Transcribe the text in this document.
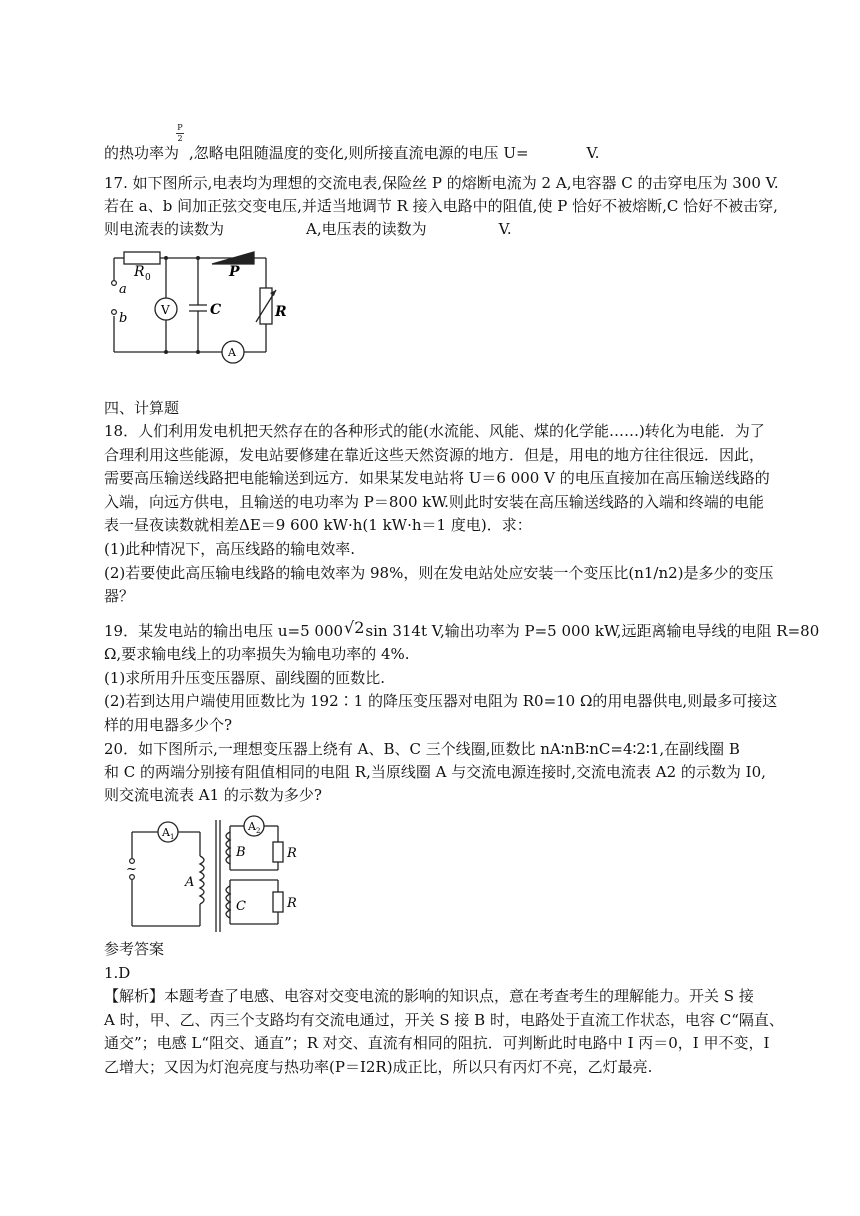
P
2
的热功率为 ,忽略电阻随温度的变化,则所接直流电源的电压 U=	V.
17. 如下图所示,电表均为理想的交流电表,保险丝 P 的熔断电流为 2 A,电容器 C 的击穿电压为 300 V.
若在 a、b 间加正弦交变电压,并适当地调节 R 接入电路中的阻值,使 P 恰好不被熔断,C 恰好不被击穿,
则电流表的读数为	A,电压表的读数为	V.
R 0	P
a
b
V	C	R
A
四、计算题
18．人们利用发电机把天然存在的各种形式的能(水流能、风能、煤的化学能……)转化为电能．为了
合理利用这些能源，发电站要修建在靠近这些天然资源的地方．但是，用电的地方往往很远．因此，
需要高压输送线路把电能输送到远方．如果某发电站将 U＝6 000 V 的电压直接加在高压输送线路的
入端，向远方供电，且输送的电功率为 P＝800 kW.则此时安装在高压输送线路的入端和终端的电能
表一昼夜读数就相差ΔE＝9 600 kW·h(1 kW·h＝1 度电)．求：
(1)此种情况下，高压线路的输电效率.
(2)若要使此高压输电线路的输电效率为 98%，则在发电站处应安装一个变压比(n1/n2)是多少的变压
器？
19．某发电站的输出电压 u=5 000√2sin 314t V,输出功率为 P=5 000 kW,远距离输电导线的电阻 R=80
Ω,要求输电线上的功率损失为输电功率的 4%.
(1)求所用升压变压器原、副线圈的匝数比.
(2)若到达用户端使用匝数比为 192∶1 的降压变压器对电阻为 R0=10 Ω的用电器供电,则最多可接这
样的用电器多少个?
20．如下图所示,一理想变压器上绕有 A、B、C 三个线圈,匝数比 nA∶nB∶nC=4∶2∶1,在副线圈 B
和 C 的两端分别接有阻值相同的电阻 R,当原线圈 A 与交流电源连接时,交流电流表 A2 的示数为 I0,
则交流电流表 A1 的示数为多少?
A 1
A 2
~
A
B
C
R
R
参考答案
1.D
【解析】本题考查了电感、电容对交变电流的影响的知识点，意在考查考生的理解能力。开关 S 接
A 时，甲、乙、丙三个支路均有交流电通过，开关 S 接 B 时，电路处于直流工作状态，电容 C“隔直、
通交”；电感 L“阻交、通直”；R 对交、直流有相同的阻抗．可判断此时电路中 I 丙＝0，I 甲不变，I
乙增大；又因为灯泡亮度与热功率(P＝I2R)成正比，所以只有丙灯不亮，乙灯最亮.
